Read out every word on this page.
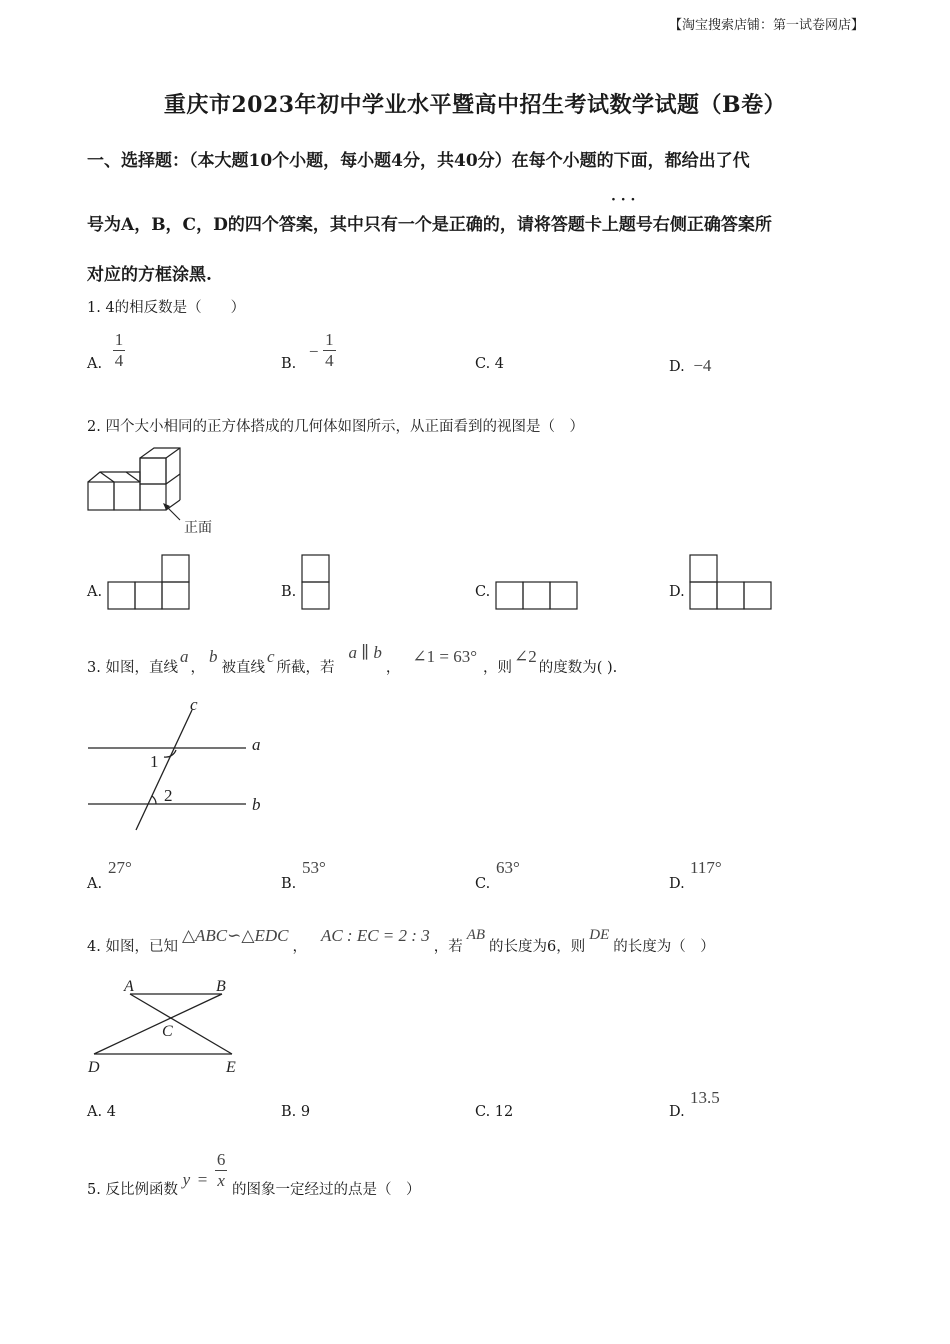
【淘宝搜索店铺：第一试卷网店】
重庆市2023年初中学业水平暨高中招生考试数学试题（B卷）
一、选择题：（本大题10个小题，每小题4分，共40分）在每个小题的下面，都给出了代
· · ·
号为A，B，C，D的四个答案，其中只有一个是正确的，请将答题卡上题号右侧正确答案所
对应的方框涂黑.
1. 4的相反数是（　　）
A. $\frac{1}{4}$	B. − $\frac{1}{4}$	C. 4	D. −4
2. 四个大小相同的正方体搭成的几何体如图所示，从正面看到的视图是（　）
正面
A.	B.	C.	D.
3. 如图，直线a，b被直线c所截，若a ∥ b，∠1 = 63°，则∠2的度数为( ).
c
a
b
1
2
A.
27°
B.
53°
C.
63°
D.
117°
4. 如图，已知△ABC∽△EDC，AC : EC = 2 : 3，若AB的长度为6，则DE的长度为（　）
A	B
C
D	E
A. 4	B. 9	C. 12	D.
13.5
5. 反比例函数 $y = \frac{6}{x}$ 的图象一定经过的点是（　）
